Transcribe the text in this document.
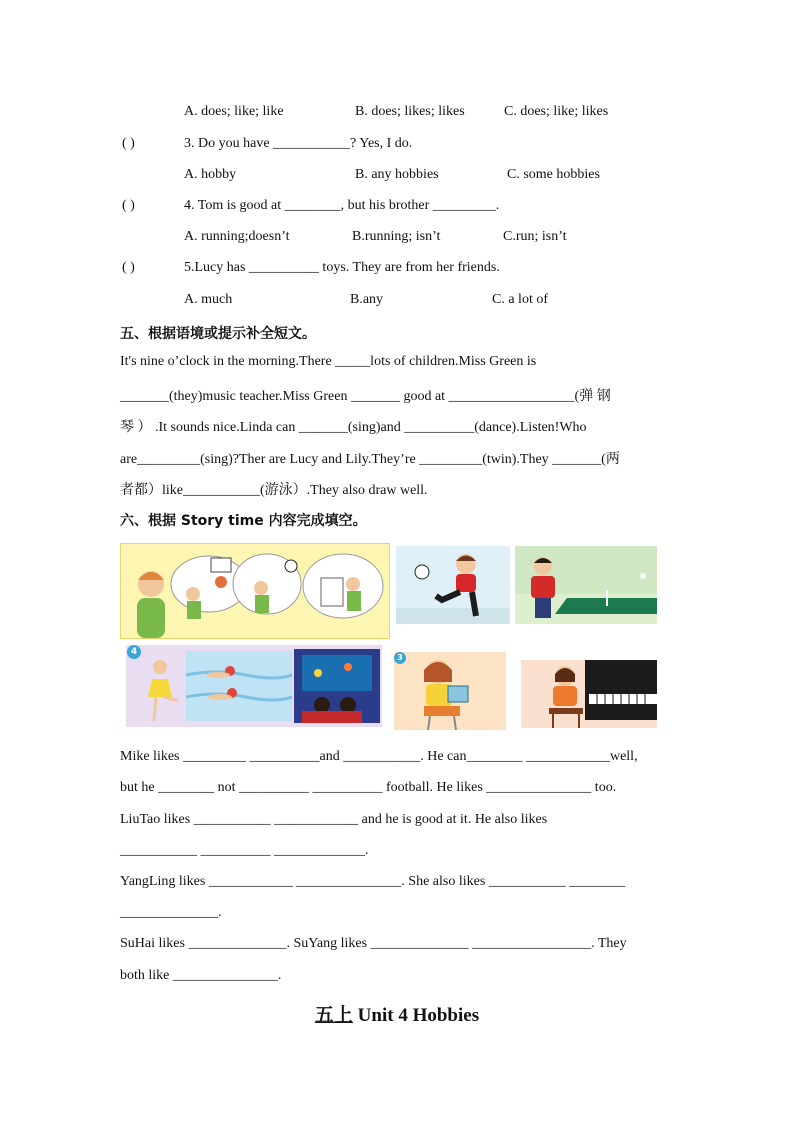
A. does; like; like	B. does; likes; likes	C. does; like; likes
( )	3. Do you have ___________? Yes, I do.
A. hobby	B. any hobbies	C. some hobbies
( )	4. Tom is good at ________, but his brother _________.
A. running;doesn’t	B.running; isn’t	C.run; isn’t
( )	5.Lucy has __________ toys. They are from her friends.
A. much	B.any	C. a lot of
五、根据语境或提示补全短文。
It's nine o’clock in the morning.There _____lots of children.Miss Green is
_______(they)music teacher.Miss Green _______ good at __________________(弹 钢
琴 ） .It sounds nice.Linda can _______(sing)and __________(dance).Listen!Who
are_________(sing)?Ther are Lucy and Lily.They’re _________(twin).They _______(两
者都）like___________(游泳）.They also draw well.
六、根据 Story time 内容完成填空。
4
3
Mike likes _________ __________and ___________. He can________ ____________well,
but he ________ not __________ __________ football. He likes _______________ too.
LiuTao likes ___________ ____________ and he is good at it. He also likes
___________ __________ _____________.
YangLing likes ____________ _______________. She also likes ___________ ________
______________.
SuHai likes ______________. SuYang likes ______________ _________________. They
both like _______________.
五上 Unit 4 Hobbies
